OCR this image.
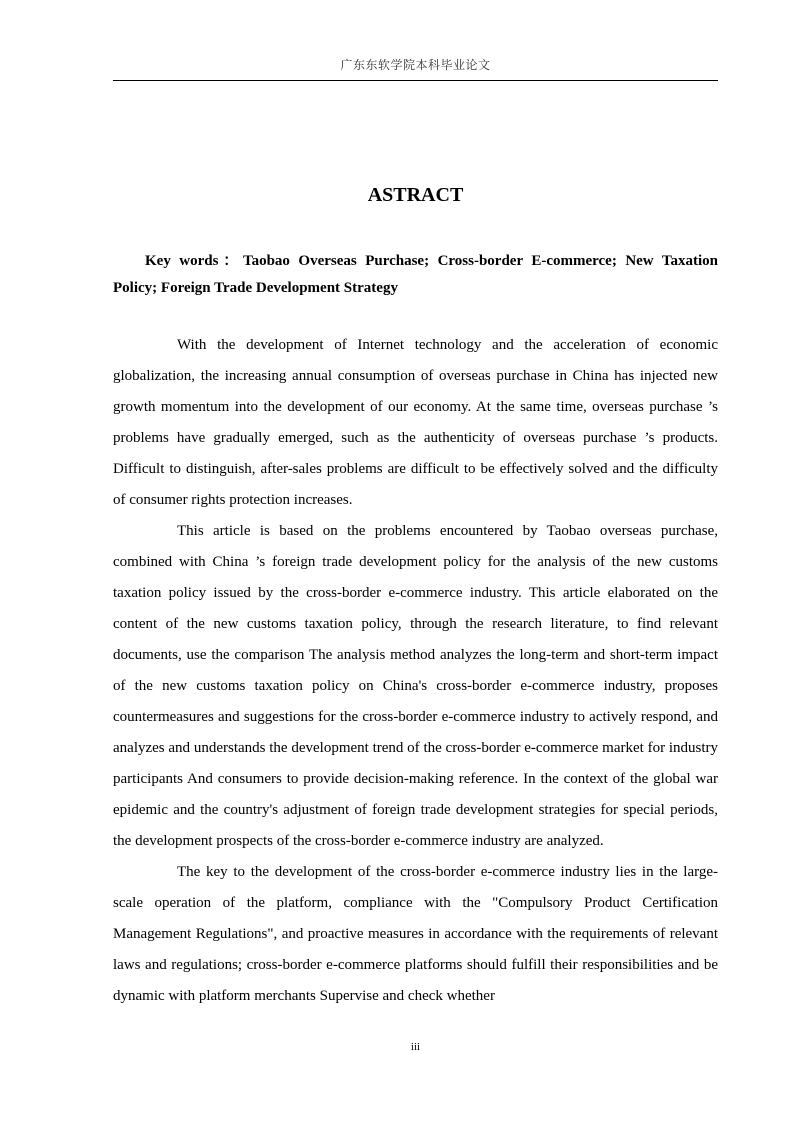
广东东软学院本科毕业论文
ASTRACT
Key words：Taobao Overseas Purchase; Cross-border E-commerce; New Taxation Policy; Foreign Trade Development Strategy

With the development of Internet technology and the acceleration of economic globalization, the increasing annual consumption of overseas purchase in China has injected new growth momentum into the development of our economy. At the same time, overseas purchase ’s problems have gradually emerged, such as the authenticity of overseas purchase ’s products. Difficult to distinguish, after-sales problems are difficult to be effectively solved and the difficulty of consumer rights protection increases.

This article is based on the problems encountered by Taobao overseas purchase, combined with China ’s foreign trade development policy for the analysis of the new customs taxation policy issued by the cross-border e-commerce industry. This article elaborated on the content of the new customs taxation policy, through the research literature, to find relevant documents, use the comparison The analysis method analyzes the long-term and short-term impact of the new customs taxation policy on China's cross-border e-commerce industry, proposes countermeasures and suggestions for the cross-border e-commerce industry to actively respond, and analyzes and understands the development trend of the cross-border e-commerce market for industry participants And consumers to provide decision-making reference. In the context of the global war epidemic and the country's adjustment of foreign trade development strategies for special periods, the development prospects of the cross-border e-commerce industry are analyzed.

The key to the development of the cross-border e-commerce industry lies in the large-scale operation of the platform, compliance with the "Compulsory Product Certification Management Regulations", and proactive measures in accordance with the requirements of relevant laws and regulations; cross-border e-commerce platforms should fulfill their responsibilities and be dynamic with platform merchants Supervise and check whether

iii
